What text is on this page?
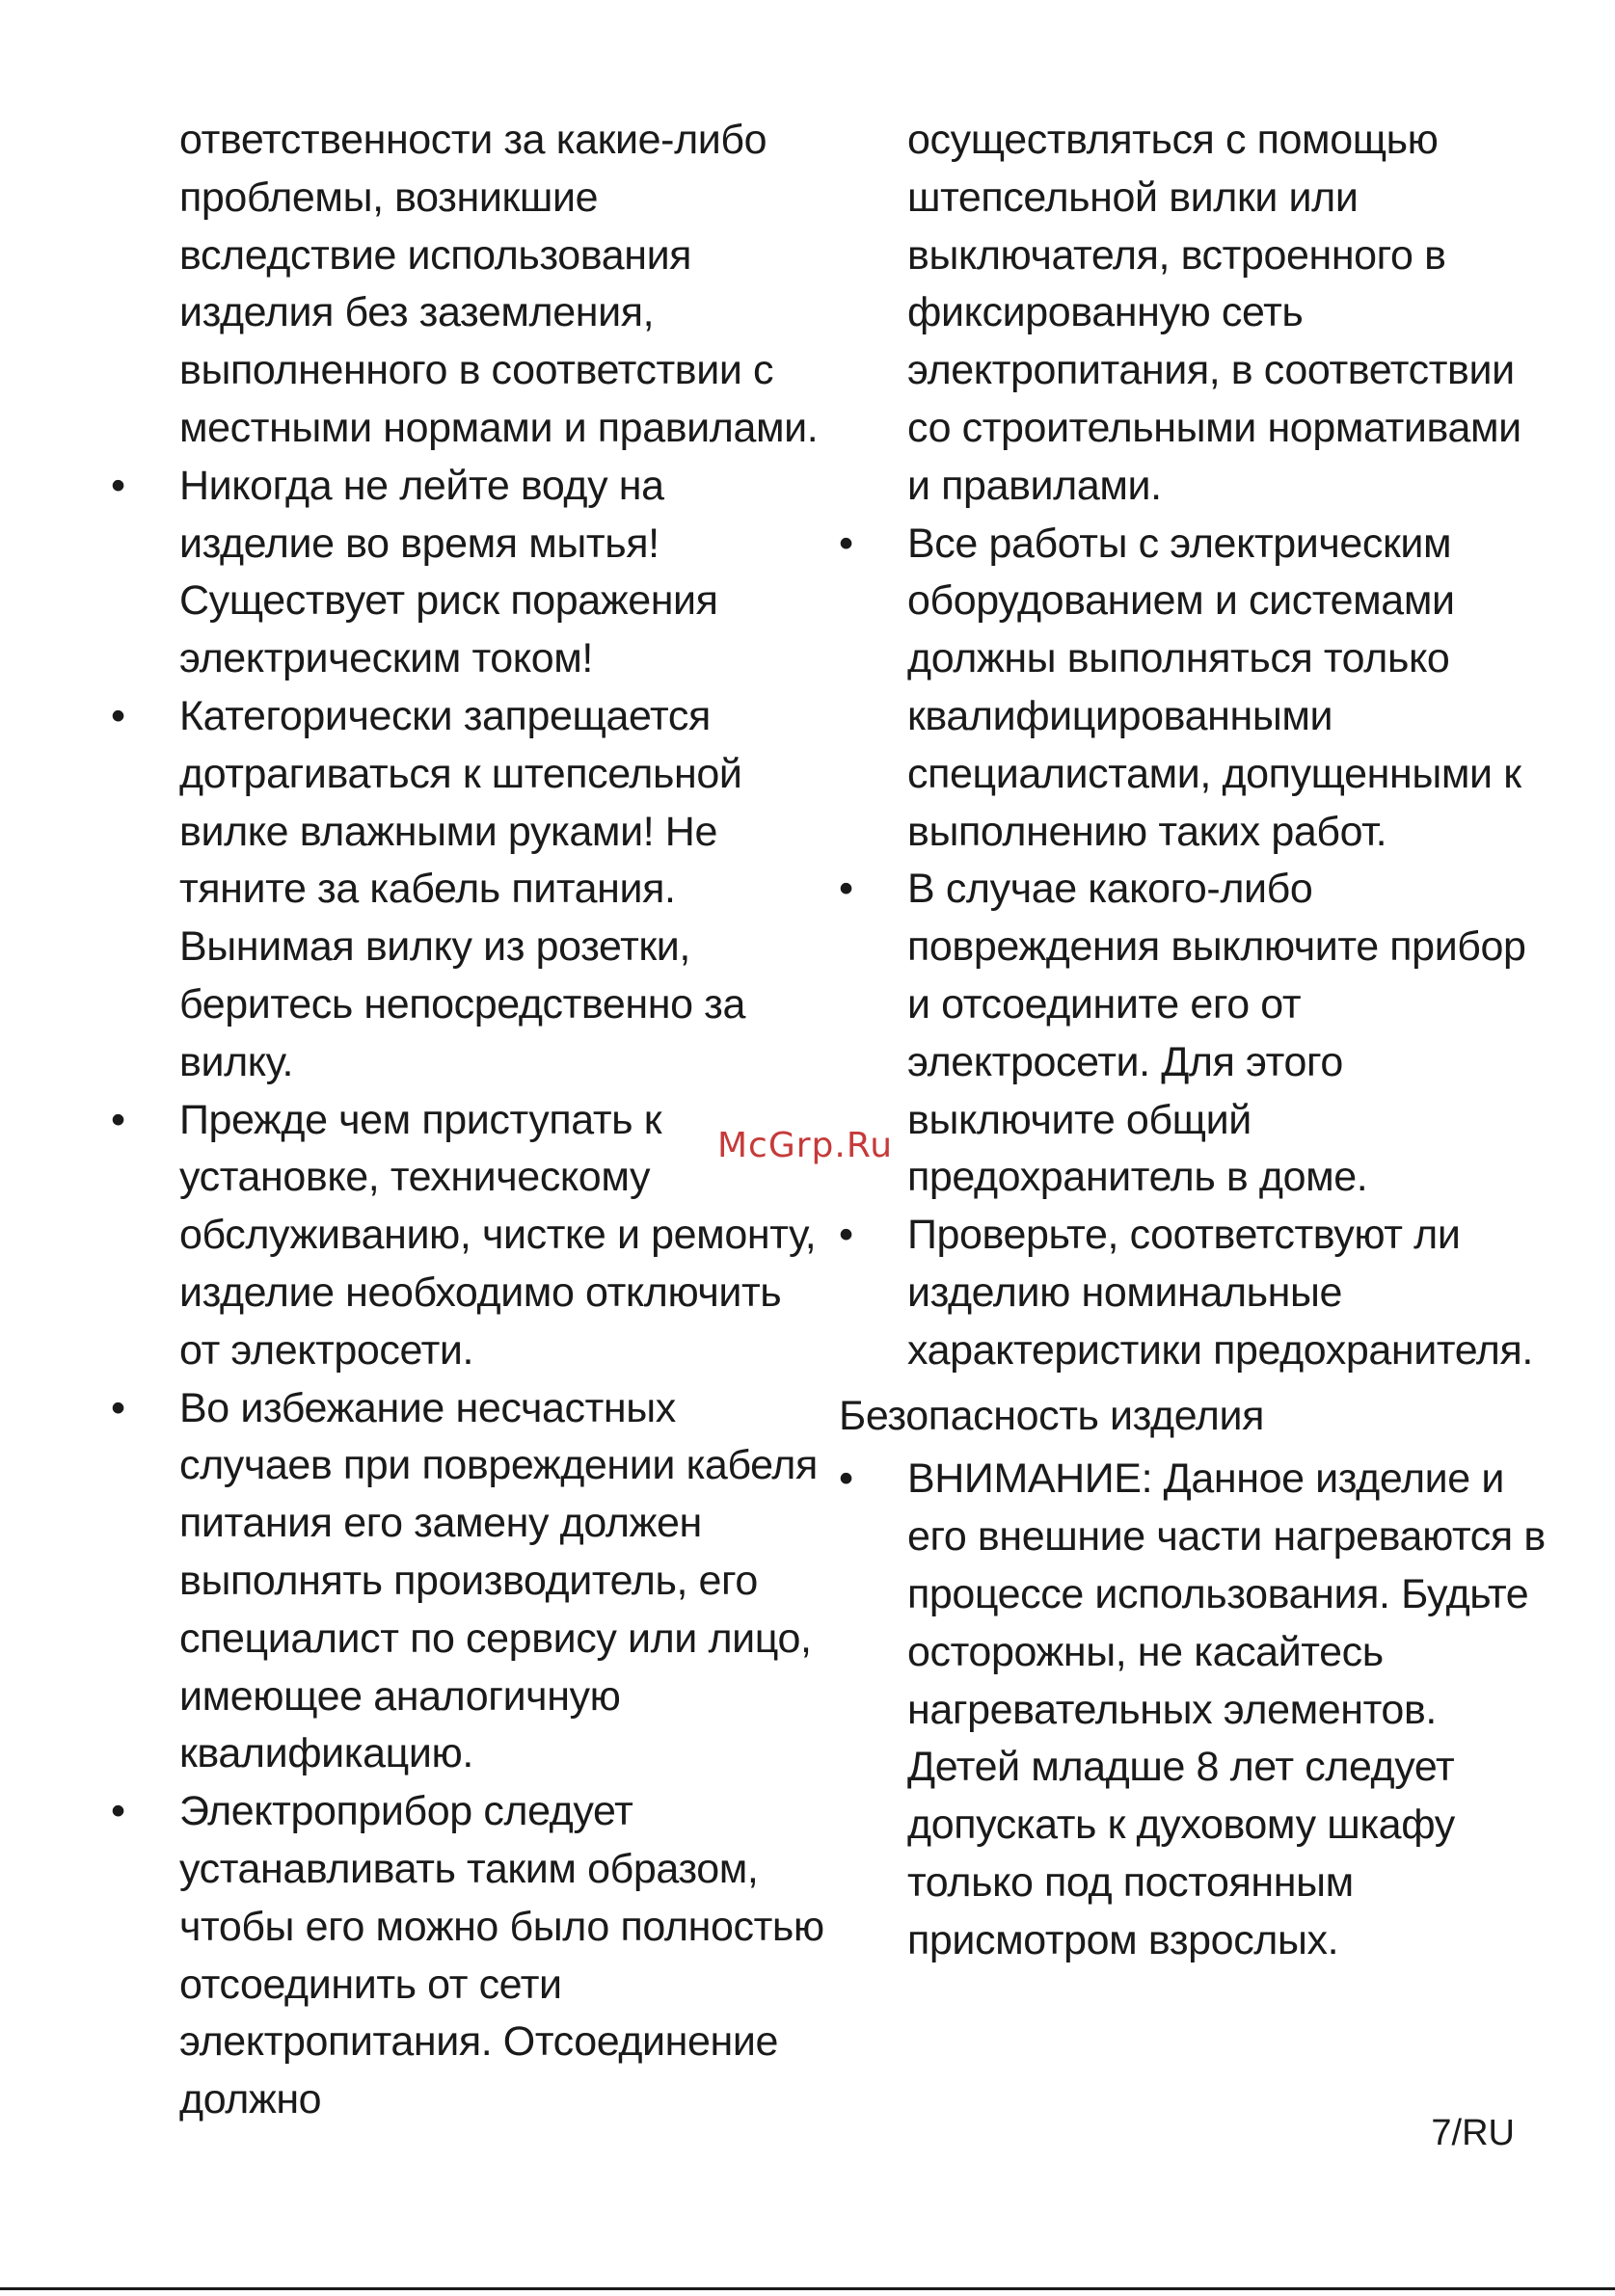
ответственности за какие-либо проблемы, возникшие вследствие использования изделия без заземления, выполненного в соответствии с местными нормами и правилами.
• Никогда не лейте воду на изделие во время мытья! Существует риск поражения электрическим током!
• Категорически запрещается дотрагиваться к штепсельной вилке влажными руками! Не тяните за кабель питания. Вынимая вилку из розетки, беритесь непосредственно за вилку.
• Прежде чем приступать к установке, техническому обслуживанию, чистке и ремонту, изделие необходимо отключить от электросети.
• Во избежание несчастных случаев при повреждении кабеля питания его замену должен выполнять производитель, его специалист по сервису или лицо, имеющее аналогичную квалификацию.
• Электроприбор следует устанавливать таким образом, чтобы его можно было полностью отсоединить от сети электропитания. Отсоединение должно
осуществляться с помощью штепсельной вилки или выключателя, встроенного в фиксированную сеть электропитания, в соответствии со строительными нормативами и правилами.
• Все работы с электрическим оборудованием и системами должны выполняться только квалифицированными специалистами, допущенными к выполнению таких работ.
• В случае какого-либо повреждения выключите прибор и отсоедините его от электросети. Для этого выключите общий предохранитель в доме.
• Проверьте, соответствуют ли изделию номинальные характеристики предохранителя.
Безопасность изделия
• ВНИМАНИЕ: Данное изделие и его внешние части нагреваются в процессе использования. Будьте осторожны, не касайтесь нагревательных элементов. Детей младше 8 лет следует допускать к духовому шкафу только под постоянным присмотром взрослых.
McGrp.Ru
7/RU
